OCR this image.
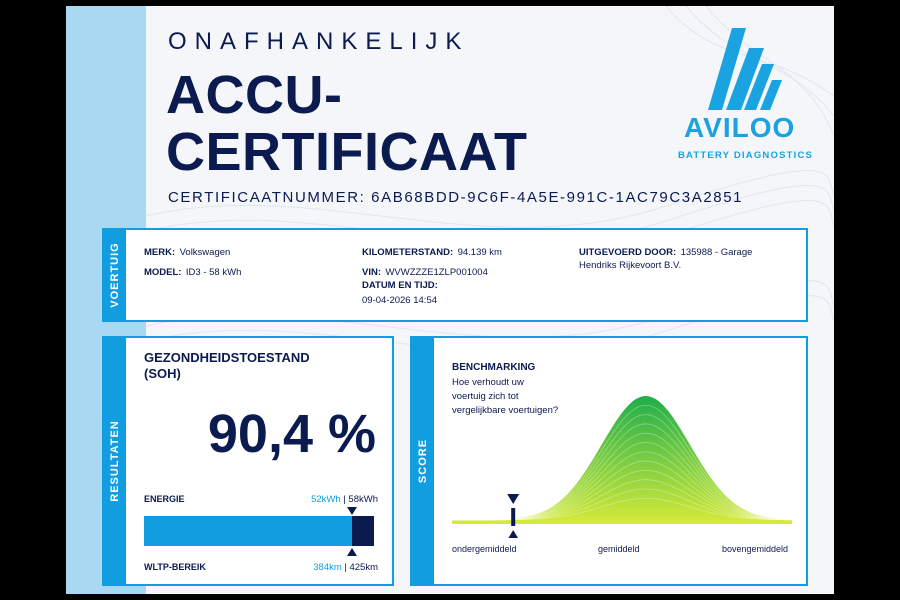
ONAFHANKELIJK
ACCU-
CERTIFICAAT
CERTIFICAATNUMMER: 6AB68BDD-9C6F-4A5E-991C-1AC79C3A2851
AVILOO
BATTERY DIAGNOSTICS
VOERTUIG MERK: Volkswagen
MODEL: ID3 - 58 kWh
KILOMETERSTAND: 94.139 km
VIN: WVWZZZE1ZLP001004
DATUM EN TIJD:
09-04-2026 14:54
UITGEVOERD DOOR: 135988 - Garage
Hendriks Rijkevoort B.V.
RESULTATEN
GEZONDHEIDSTOESTAND
(SOH)
90,4 %
ENERGIE	52kWh | 58kWh
WLTP-BEREIK	384km | 425km
SCORE
BENCHMARKING
Hoe verhoudt uw
voertuig zich tot
vergelijkbare voertuigen?
ondergemiddeld	gemiddeld	bovengemiddeld
